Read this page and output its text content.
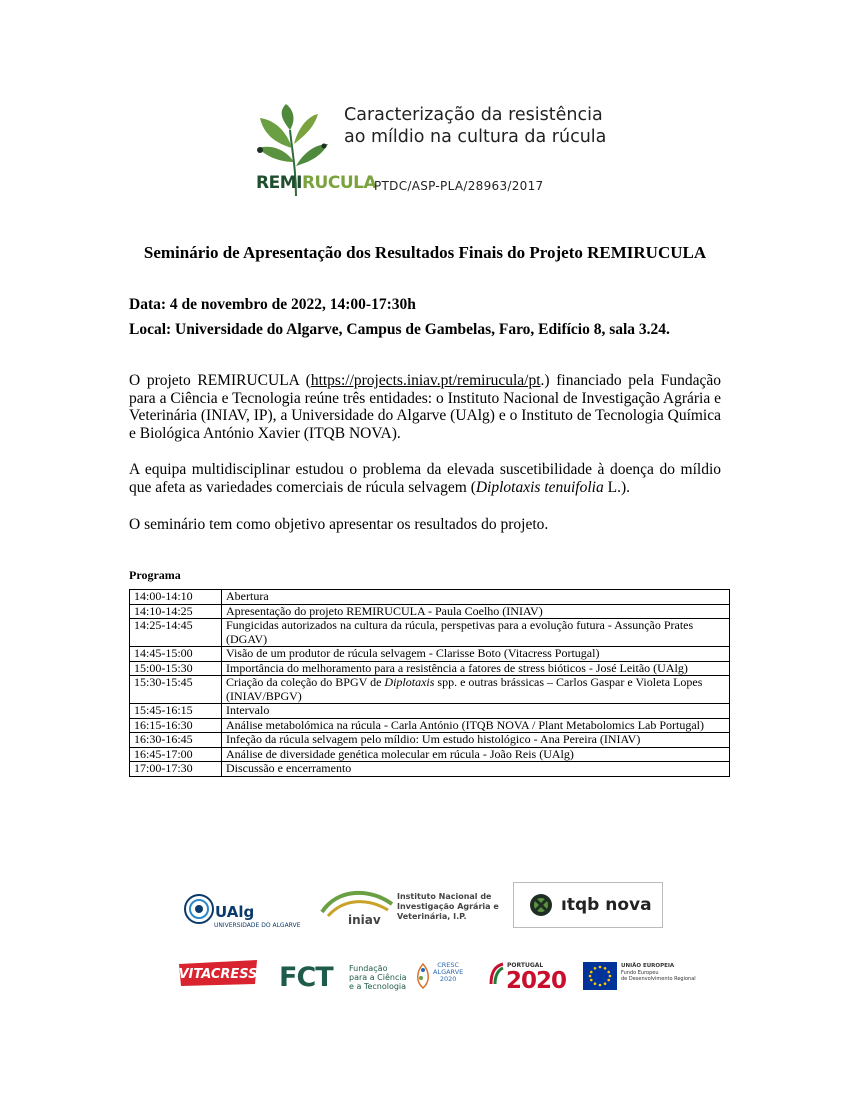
REMIRUCULA
Caracterização da resistência
ao míldio na cultura da rúcula
PTDC/ASP-PLA/28963/2017
Seminário de Apresentação dos Resultados Finais do Projeto REMIRUCULA
Data: 4 de novembro de 2022, 14:00-17:30h
Local: Universidade do Algarve, Campus de Gambelas, Faro, Edifício 8, sala 3.24.
O projeto REMIRUCULA (https://projects.iniav.pt/remirucula/pt.) financiado pela Fundação para a Ciência e Tecnologia reúne três entidades: o Instituto Nacional de Investigação Agrária e Veterinária (INIAV, IP), a Universidade do Algarve (UAlg) e o Instituto de Tecnologia Química e Biológica António Xavier (ITQB NOVA).
A equipa multidisciplinar estudou o problema da elevada suscetibilidade à doença do míldio que afeta as variedades comerciais de rúcula selvagem (Diplotaxis tenuifolia L.).
O seminário tem como objetivo apresentar os resultados do projeto.
Programa
14:00-14:10	Abertura
14:10-14:25	Apresentação do projeto REMIRUCULA - Paula Coelho (INIAV)
14:25-14:45	Fungicidas autorizados na cultura da rúcula, perspetivas para a evolução futura - Assunção Prates (DGAV)
14:45-15:00	Visão de um produtor de rúcula selvagem - Clarisse Boto (Vitacress Portugal)
15:00-15:30	Importância do melhoramento para a resistência a fatores de stress bióticos - José Leitão (UAlg)
15:30-15:45	Criação da coleção do BPGV de Diplotaxis spp. e outras brássicas – Carlos Gaspar e Violeta Lopes (INIAV/BPGV)
15:45-16:15	Intervalo
16:15-16:30	Análise metabolómica na rúcula - Carla António (ITQB NOVA / Plant Metabolomics Lab Portugal)
16:30-16:45	Infeção da rúcula selvagem pelo míldio: Um estudo histológico - Ana Pereira (INIAV)
16:45-17:00	Análise de diversidade genética molecular em rúcula - João Reis (UAlg)
17:00-17:30	Discussão e encerramento
UAlg
UNIVERSIDADE DO ALGARVE	iniav
Instituto Nacional de
Investigação Agrária e
Veterinária, I.P.
ıtqb nova
VITACRESS FCT Fundação
para a Ciência
e a Tecnologia
CRESC
ALGARVE
2020
PORTUGAL
2020
UNIÃO EUROPEIA
Fundo Europeu
de Desenvolvimento Regional
